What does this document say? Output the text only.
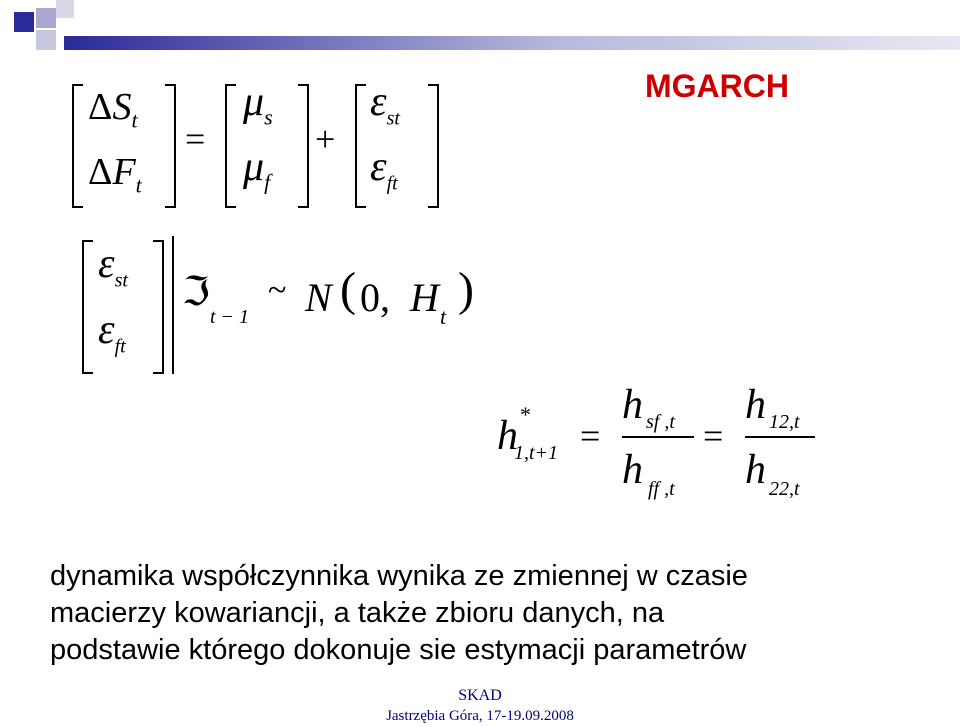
MGARCH
$\Delta S_t$
$\Delta F_t$
=
$\mu_s$
$\mu_f$
+
$\varepsilon_{st}$
$\varepsilon_{ft}$
$\varepsilon_{st}$
$\varepsilon_{ft}$
ℑ
t − 1
~ N ( 0, H t
)
h *
1,t+1 =
h sf ,t
h ff ,t
=
h 12,t
h 22,t
dynamika współczynnika wynika ze zmiennej w czasie
macierzy kowariancji, a także zbioru danych, na
podstawie którego dokonuje sie estymacji parametrów
SKAD
Jastrzębia Góra, 17-19.09.2008
